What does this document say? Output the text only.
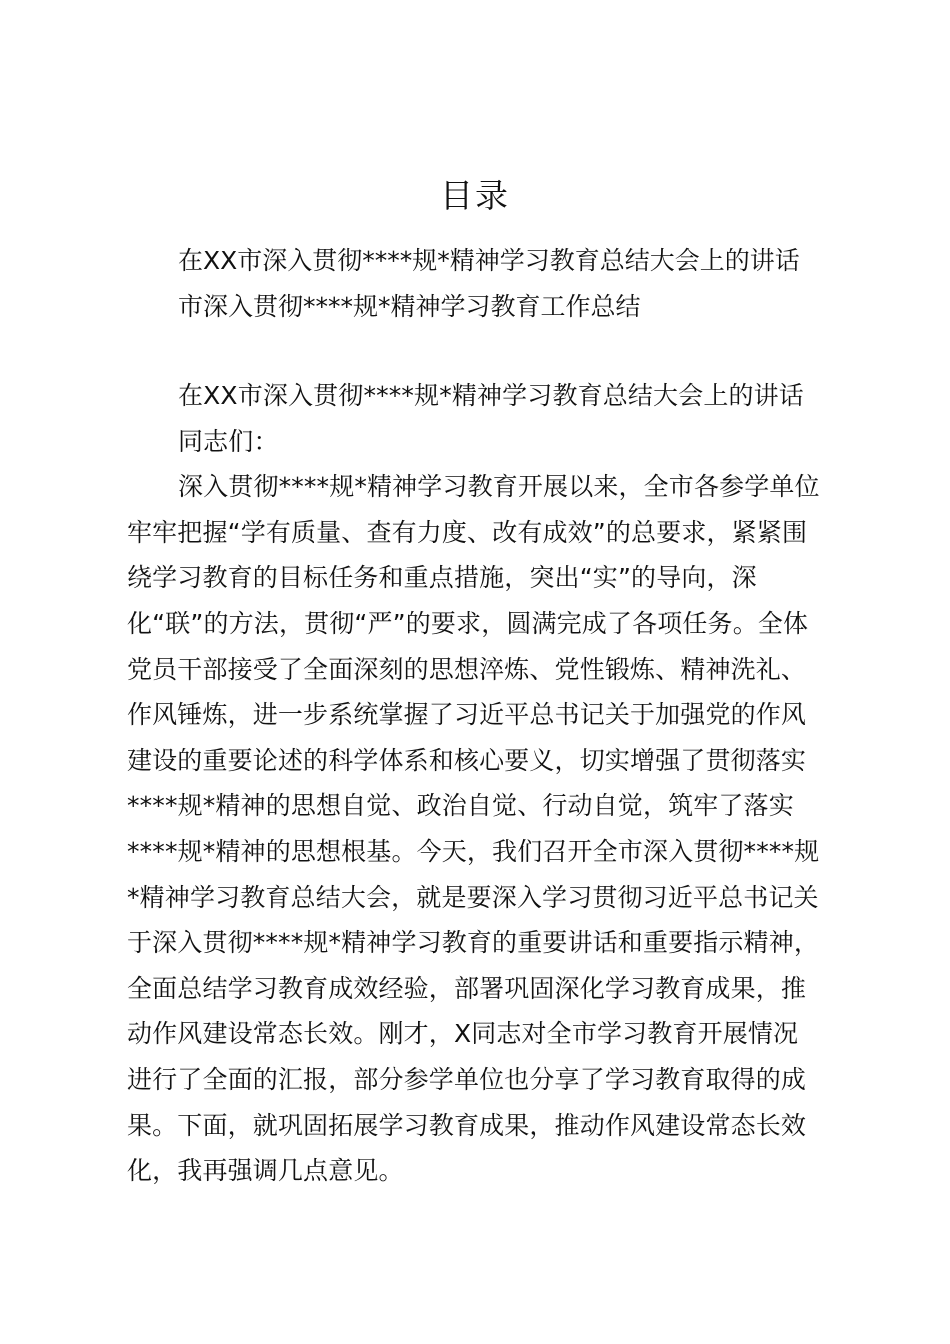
目录
在XX市深入贯彻****规*精神学习教育总结大会上的讲话
市深入贯彻****规*精神学习教育工作总结
在XX市深入贯彻****规*精神学习教育总结大会上的讲话
同志们：
深入贯彻****规*精神学习教育开展以来，全市各参学单位
牢牢把握“学有质量、查有力度、改有成效”的总要求，紧紧围
绕学习教育的目标任务和重点措施，突出“实”的导向，深
化“联”的方法，贯彻“严”的要求，圆满完成了各项任务。全体
党员干部接受了全面深刻的思想淬炼、党性锻炼、精神洗礼、
作风锤炼，进一步系统掌握了习近平总书记关于加强党的作风
建设的重要论述的科学体系和核心要义，切实增强了贯彻落实
****规*精神的思想自觉、政治自觉、行动自觉，筑牢了落实
****规*精神的思想根基。今天，我们召开全市深入贯彻****规
*精神学习教育总结大会，就是要深入学习贯彻习近平总书记关
于深入贯彻****规*精神学习教育的重要讲话和重要指示精神，
全面总结学习教育成效经验，部署巩固深化学习教育成果，推
动作风建设常态长效。刚才，X同志对全市学习教育开展情况
进行了全面的汇报，部分参学单位也分享了学习教育取得的成
果。下面，就巩固拓展学习教育成果，推动作风建设常态长效
化，我再强调几点意见。
